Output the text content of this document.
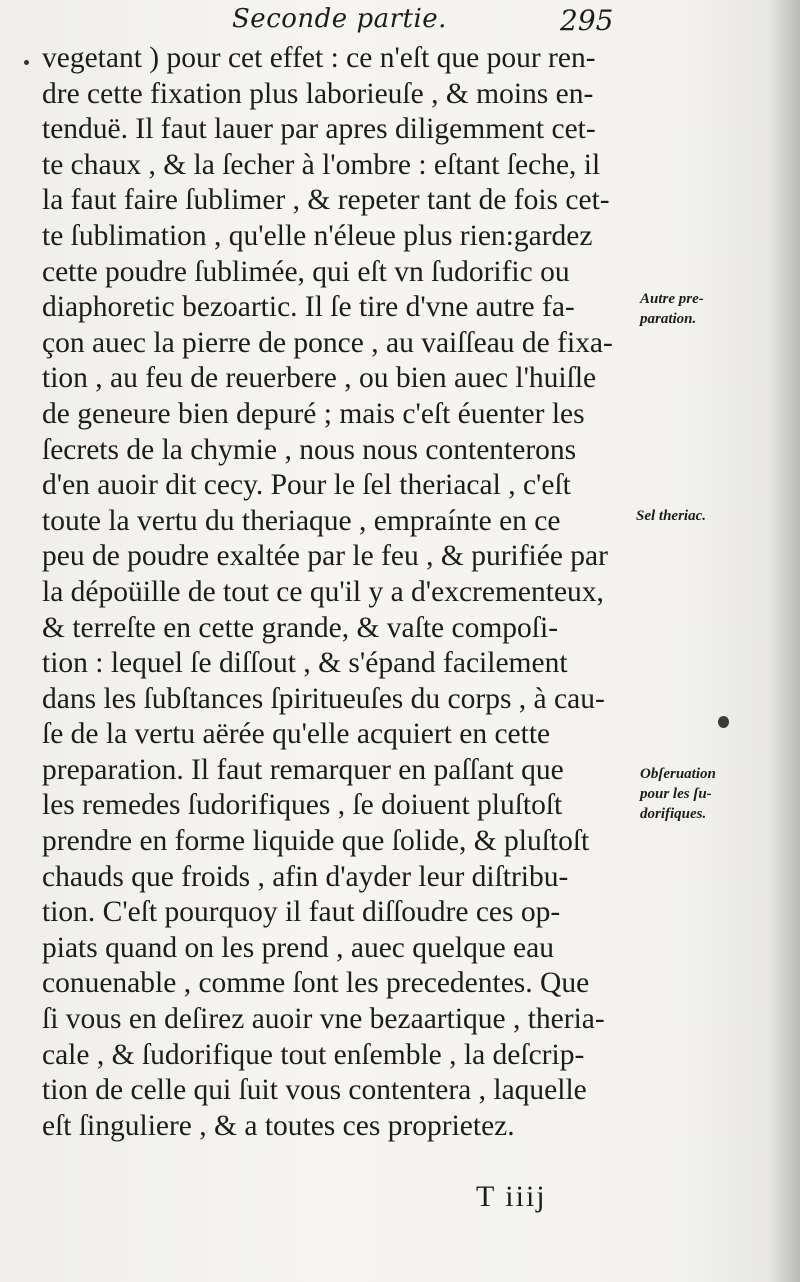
Seconde partie.	295
vegetant ) pour cet effet : ce n'eſt que pour ren-
dre cette fixation plus laborieuſe , & moins en-
tenduë. Il faut lauer par apres diligemment cet-
te chaux , & la ſecher à l'ombre : eſtant ſeche, il
la faut faire ſublimer , & repeter tant de fois cet-
te ſublimation , qu'elle n'éleue plus rien:gardez
cette poudre ſublimée, qui eſt vn ſudorific ou
diaphoretic bezoartic. Il ſe tire d'vne autre fa-
çon auec la pierre de ponce , au vaiſſeau de fixa-
tion , au feu de reuerbere , ou bien auec l'huiſle
de geneure bien depuré ; mais c'eſt éuenter les
ſecrets de la chymie , nous nous contenterons
d'en auoir dit cecy. Pour le ſel theriacal , c'eſt
toute la vertu du theriaque , empraínte en ce
peu de poudre exaltée par le feu , & purifiée par
la dépoüille de tout ce qu'il y a d'excrementeux,
& terreſte en cette grande, & vaſte compoſi-
tion : lequel ſe diſſout , & s'épand facilement
dans les ſubſtances ſpiritueuſes du corps , à cau-
ſe de la vertu aërée qu'elle acquiert en cette
preparation. Il faut remarquer en paſſant que
les remedes ſudorifiques , ſe doiuent pluſtoſt
prendre en forme liquide que ſolide, & pluſtoſt
chauds que froids , afin d'ayder leur diſtribu-
tion. C'eſt pourquoy il faut diſſoudre ces op-
piats quand on les prend , auec quelque eau
conuenable , comme ſont les precedentes. Que
ſi vous en deſirez auoir vne bezaartique , theria-
cale , & ſudorifique tout enſemble , la deſcrip-
tion de celle qui ſuit vous contentera , laquelle
eſt ſinguliere , & a toutes ces proprietez.
Autre pre-
paration.
Sel theriac.
Obſeruation
pour les ſu-
dorifiques.
T iiij
